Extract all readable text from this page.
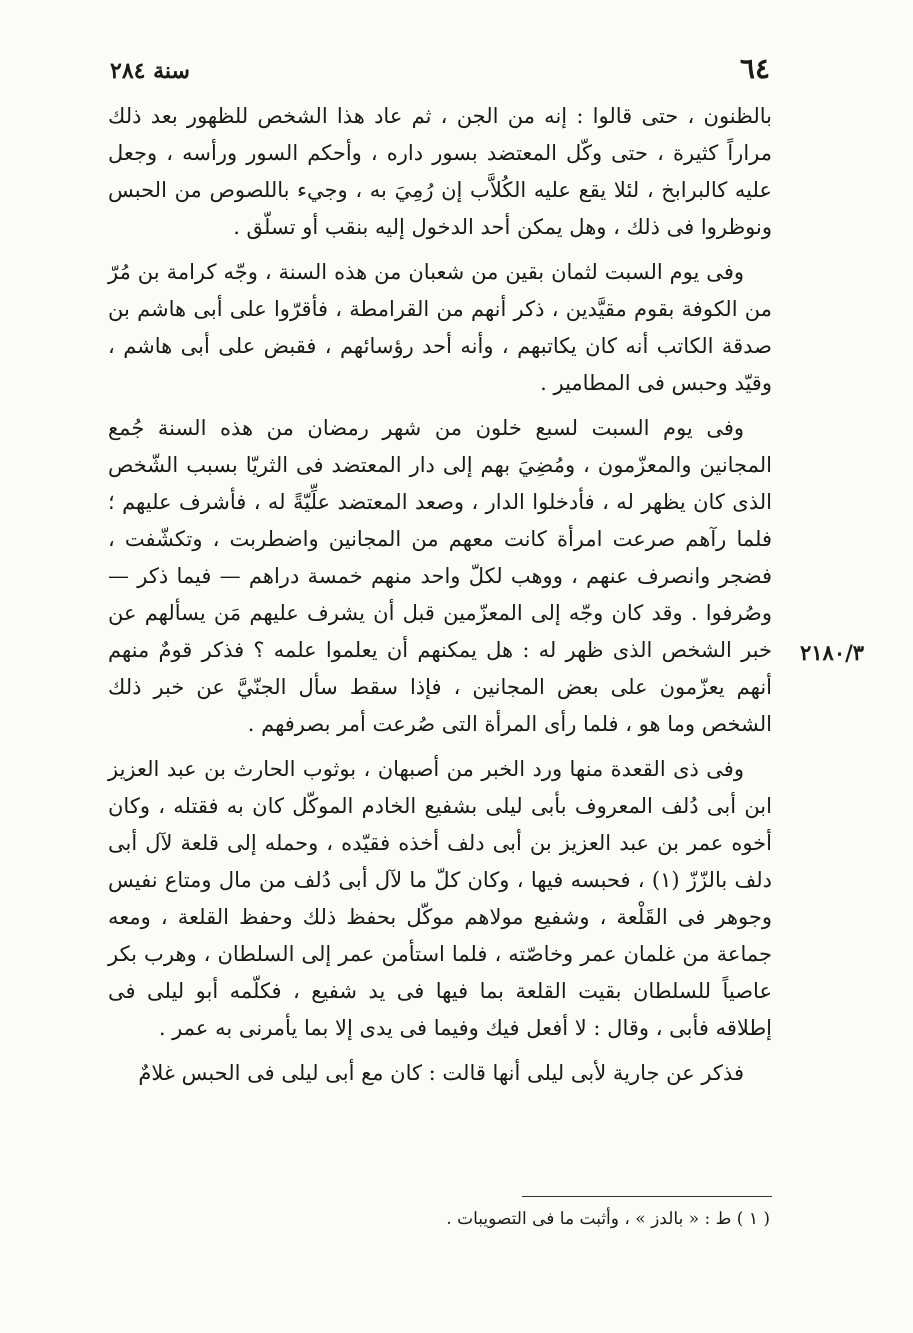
٦٤
سنة ٢٨٤

بالظنون ، حتى قالوا : إنه من الجن ، ثم عاد هذا الشخص للظهور بعد ذلك مراراً كثيرة ، حتى وكّل المعتضد بسور داره ، وأحكم السور ورأسه ، وجعل عليه كالبرابخ ، لئلا يقع عليه الكُلاَّب إن رُمِيَ به ، وجيء باللصوص من الحبس ونوظروا فى ذلك ، وهل يمكن أحد الدخول إليه بنقب أو تسلّق .

وفى يوم السبت لثمان بقين من شعبان من هذه السنة ، وجّه كرامة بن مُرّ من الكوفة بقوم مقيَّدين ، ذكر أنهم من القرامطة ، فأقرّوا على أبى هاشم بن صدقة الكاتب أنه كان يكاتبهم ، وأنه أحد رؤسائهم ، فقبض على أبى هاشم ، وقيّد وحبس فى المطامير .

وفى يوم السبت لسبع خلون من شهر رمضان من هذه السنة جُمع المجانين والمعزّمون ، ومُضِيَ بهم إلى دار المعتضد فى الثريّا بسبب الشّخص الذى كان يظهر له ، فأدخلوا الدار ، وصعد المعتضد علِّيّةً له ، فأشرف عليهم ؛ فلما رآهم صرعت امرأة كانت معهم من المجانين واضطربت ، وتكشّفت ، فضجر وانصرف عنهم ، ووهب لكلّ واحد منهم خمسة دراهم — فيما ذكر — وصُرفوا . وقد كان وجّه إلى المعزّمين قبل أن يشرف عليهم مَن يسألهم عن خبر الشخص الذى ظهر له : هل يمكنهم أن يعلموا علمه ؟ فذكر قومٌ منهم أنهم يعزّمون على بعض المجانين ، فإذا سقط سأل الجنّيَّ عن خبر ذلك الشخص وما هو ، فلما رأى المرأة التى صُرعت أمر بصرفهم .

وفى ذى القعدة منها ورد الخبر من أصبهان ، بوثوب الحارث بن عبد العزيز ابن أبى دُلف المعروف بأبى ليلى بشفيع الخادم الموكّل كان به فقتله ، وكان أخوه عمر بن عبد العزيز بن أبى دلف أخذه فقيّده ، وحمله إلى قلعة لآل أبى دلف بالزّزّ (١) ، فحبسه فيها ، وكان كلّ ما لآل أبى دُلف من مال ومتاع نفيس وجوهر فى القَلْعة ، وشفيع مولاهم موكّل بحفظ ذلك وحفظ القلعة ، ومعه جماعة من غلمان عمر وخاصّته ، فلما استأمن عمر إلى السلطان ، وهرب بكر عاصياً للسلطان بقيت القلعة بما فيها فى يد شفيع ، فكلّمه أبو ليلى فى إطلاقه فأبى ، وقال : لا أفعل فيك وفيما فى يدى إلا بما يأمرنى به عمر .

فذكر عن جارية لأبى ليلى أنها قالت : كان مع أبى ليلى فى الحبس غلامٌ

٢١٨٠/٣
( ١ ) ط : « بالدز » ، وأثبت ما فى التصويبات .
